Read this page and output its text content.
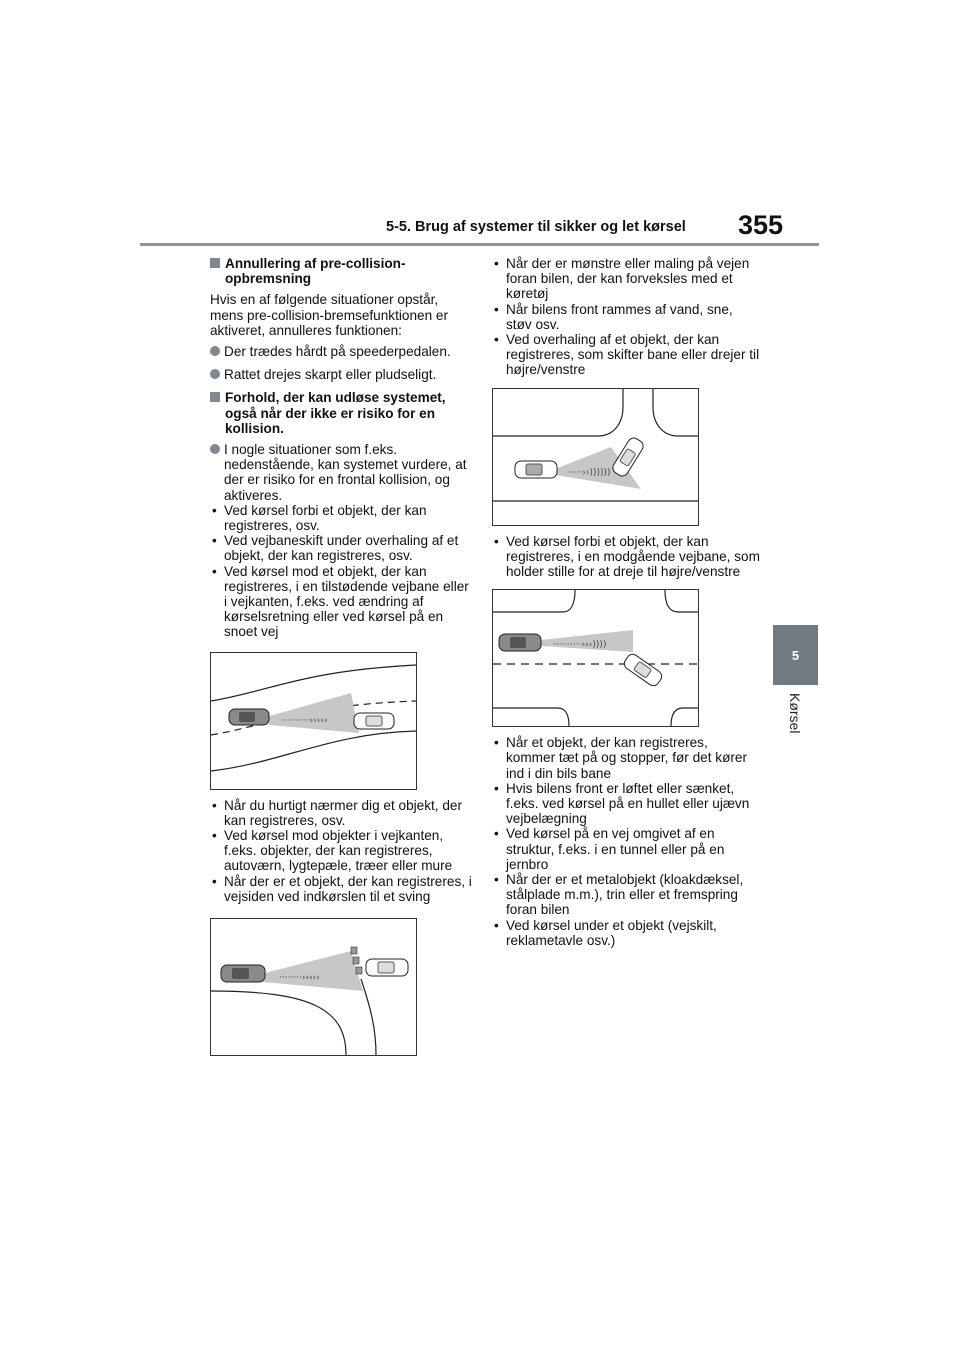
5-5. Brug af systemer til sikker og let kørsel 355
5
Kørsel
Annullering af pre-collision-opbremsning

Hvis en af følgende situationer opstår, mens pre-collision-bremsefunktionen er aktiveret, annulleres funktionen:

Der trædes hårdt på speederpedalen.
Rattet drejes skarpt eller pludseligt.
Forhold, der kan udløse systemet, også når der ikke er risiko for en kollision.
I nogle situationer som f.eks. nedenstående, kan systemet vurdere, at der er risiko for en frontal kollision, og aktiveres.
• Ved kørsel forbi et objekt, der kan registreres, osv.
• Ved vejbaneskift under overhaling af et objekt, der kan registreres, osv.
• Ved kørsel mod et objekt, der kan registreres, i en tilstødende vejbane eller i vejkanten, f.eks. ved ændring af kørselsretning eller ved kørsel på en snoet vej
··········›››››
• Når du hurtigt nærmer dig et objekt, der kan registreres, osv.
• Ved kørsel mod objekter i vejkanten, f.eks. objekter, der kan registreres, autoværn, lygtepæle, træer eller mure
• Når der er et objekt, der kan registreres, i vejsiden ved indkørslen til et sving
········›››››
• Når der er mønstre eller maling på vejen foran bilen, der kan forveksles med et køretøj
• Når bilens front rammes af vand, sne, støv osv.
• Ved overhaling af et objekt, der kan registreres, som skifter bane eller drejer til højre/venstre
·····››))))))
• Ved kørsel forbi et objekt, der kan registreres, i en modgående vejbane, som holder stille for at dreje til højre/venstre
··········›››))))
• Når et objekt, der kan registreres, kommer tæt på og stopper, før det kører ind i din bils bane
• Hvis bilens front er løftet eller sænket, f.eks. ved kørsel på en hullet eller ujævn vejbelægning
• Ved kørsel på en vej omgivet af en struktur, f.eks. i en tunnel eller på en jernbro
• Når der er et metalobjekt (kloakdæksel, stålplade m.m.), trin eller et fremspring foran bilen
• Ved kørsel under et objekt (vejskilt, reklametavle osv.)
